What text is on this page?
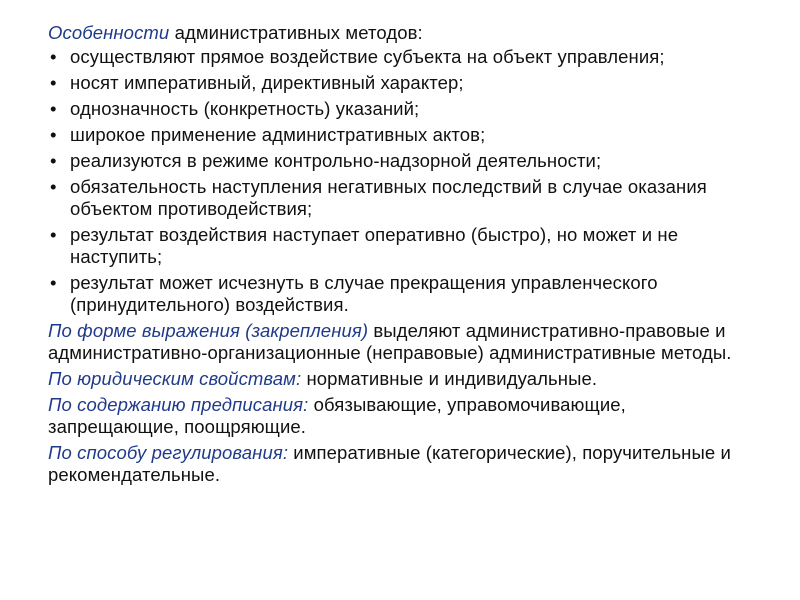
Особенности административных методов:
• осуществляют прямое воздействие субъекта на объект управления;
• носят императивный, директивный характер;
• однозначность (конкретность) указаний;
• широкое применение административных актов;
• реализуются в режиме контрольно-надзорной деятельности;
• обязательность наступления негативных последствий в случае оказания объектом противодействия;
• результат воздействия наступает оперативно (быстро), но может и не наступить;
• результат может исчезнуть в случае прекращения управленческого (принудительного) воздействия.
По форме выражения (закрепления) выделяют административно-правовые и административно-организационные (неправовые) административные методы.
По юридическим свойствам: нормативные и индивидуальные.
По содержанию предписания: обязывающие, управомочивающие, запрещающие, поощряющие.
По способу регулирования: императивные (категорические), поручительные и рекомендательные.
